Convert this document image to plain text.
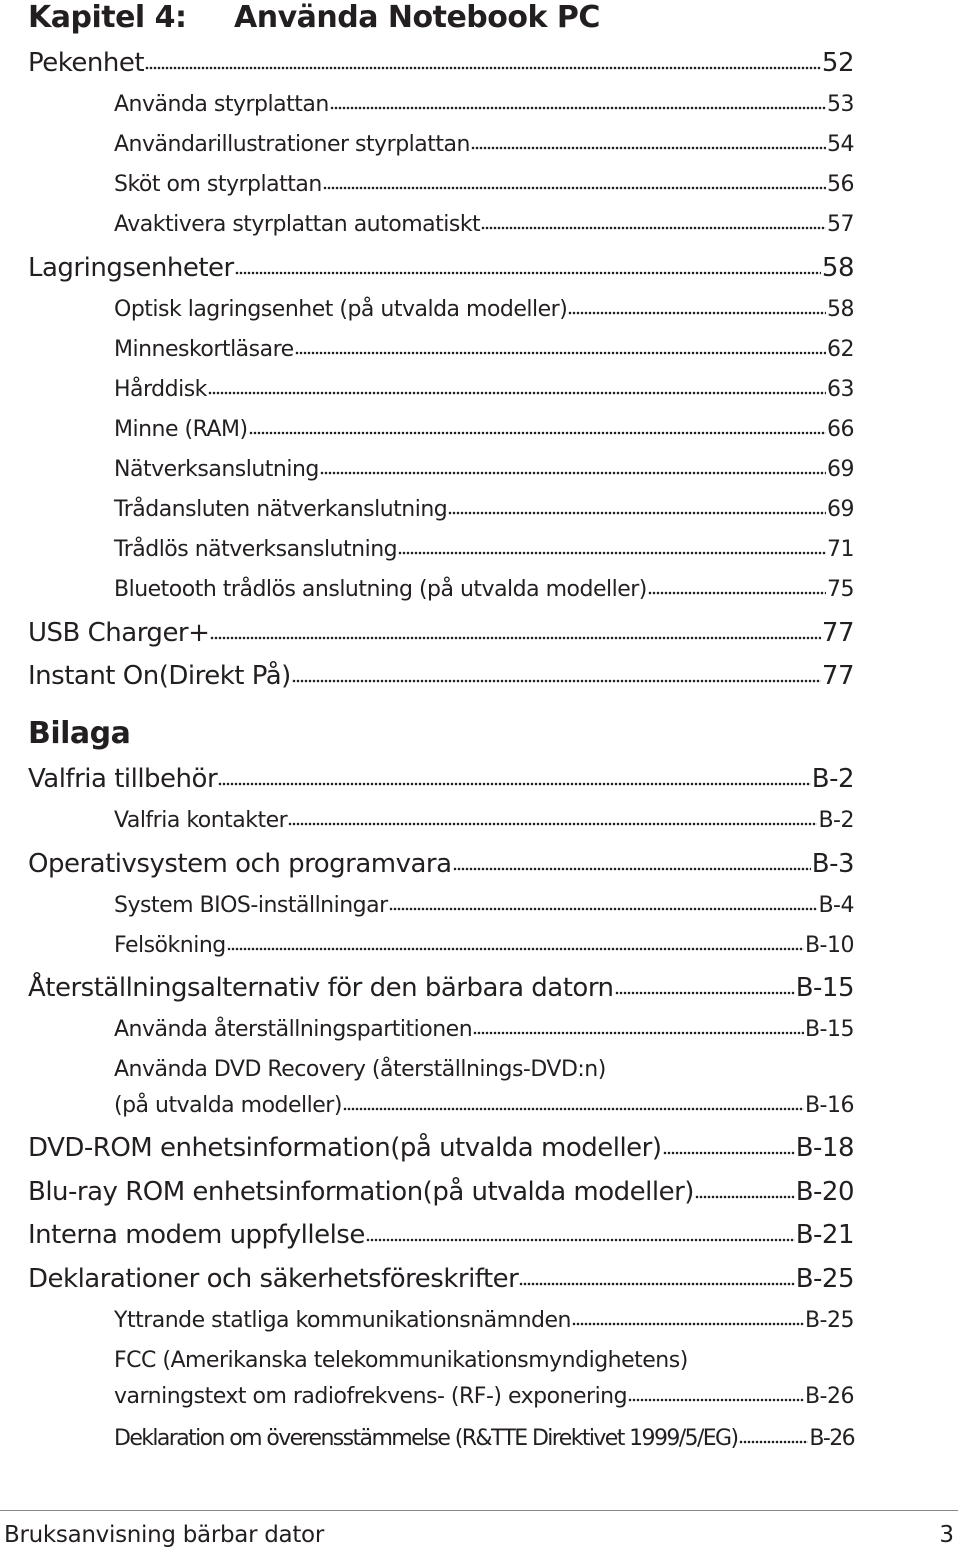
Kapitel 4: Använda Notebook PC
Pekenhet	52
Använda styrplattan	53
Användarillustrationer styrplattan	54
Sköt om styrplattan	56
Avaktivera styrplattan automatiskt	57
Lagringsenheter	58
Optisk lagringsenhet (på utvalda modeller)	58
Minneskortläsare	62
Hårddisk	63
Minne (RAM)	66
Nätverksanslutning	69
Trådansluten nätverkanslutning	69
Trådlös nätverksanslutning	71
Bluetooth trådlös anslutning (på utvalda modeller)	75
USB Charger+	77
Instant On(Direkt På)	77
Bilaga
Valfria tillbehör	B-2
Valfria kontakter	B-2
Operativsystem och programvara	B-3
System BIOS-inställningar	B-4
Felsökning	B-10
Återställningsalternativ för den bärbara datorn	B-15
Använda återställningspartitionen	B-15
Använda DVD Recovery (återställnings-DVD:n)
(på utvalda modeller)	B-16
DVD-ROM enhetsinformation(på utvalda modeller)	B-18
Blu-ray ROM enhetsinformation(på utvalda modeller)	B-20
Interna modem uppfyllelse	B-21
Deklarationer och säkerhetsföreskrifter	B-25
Yttrande statliga kommunikationsnämnden	B-25
FCC (Amerikanska telekommunikationsmyndighetens)
varningstext om radiofrekvens- (RF-) exponering	B-26
Deklaration om överensstämmelse (R&TTE Direktivet 1999/5/EG)	B-26
Bruksanvisning bärbar dator	3
